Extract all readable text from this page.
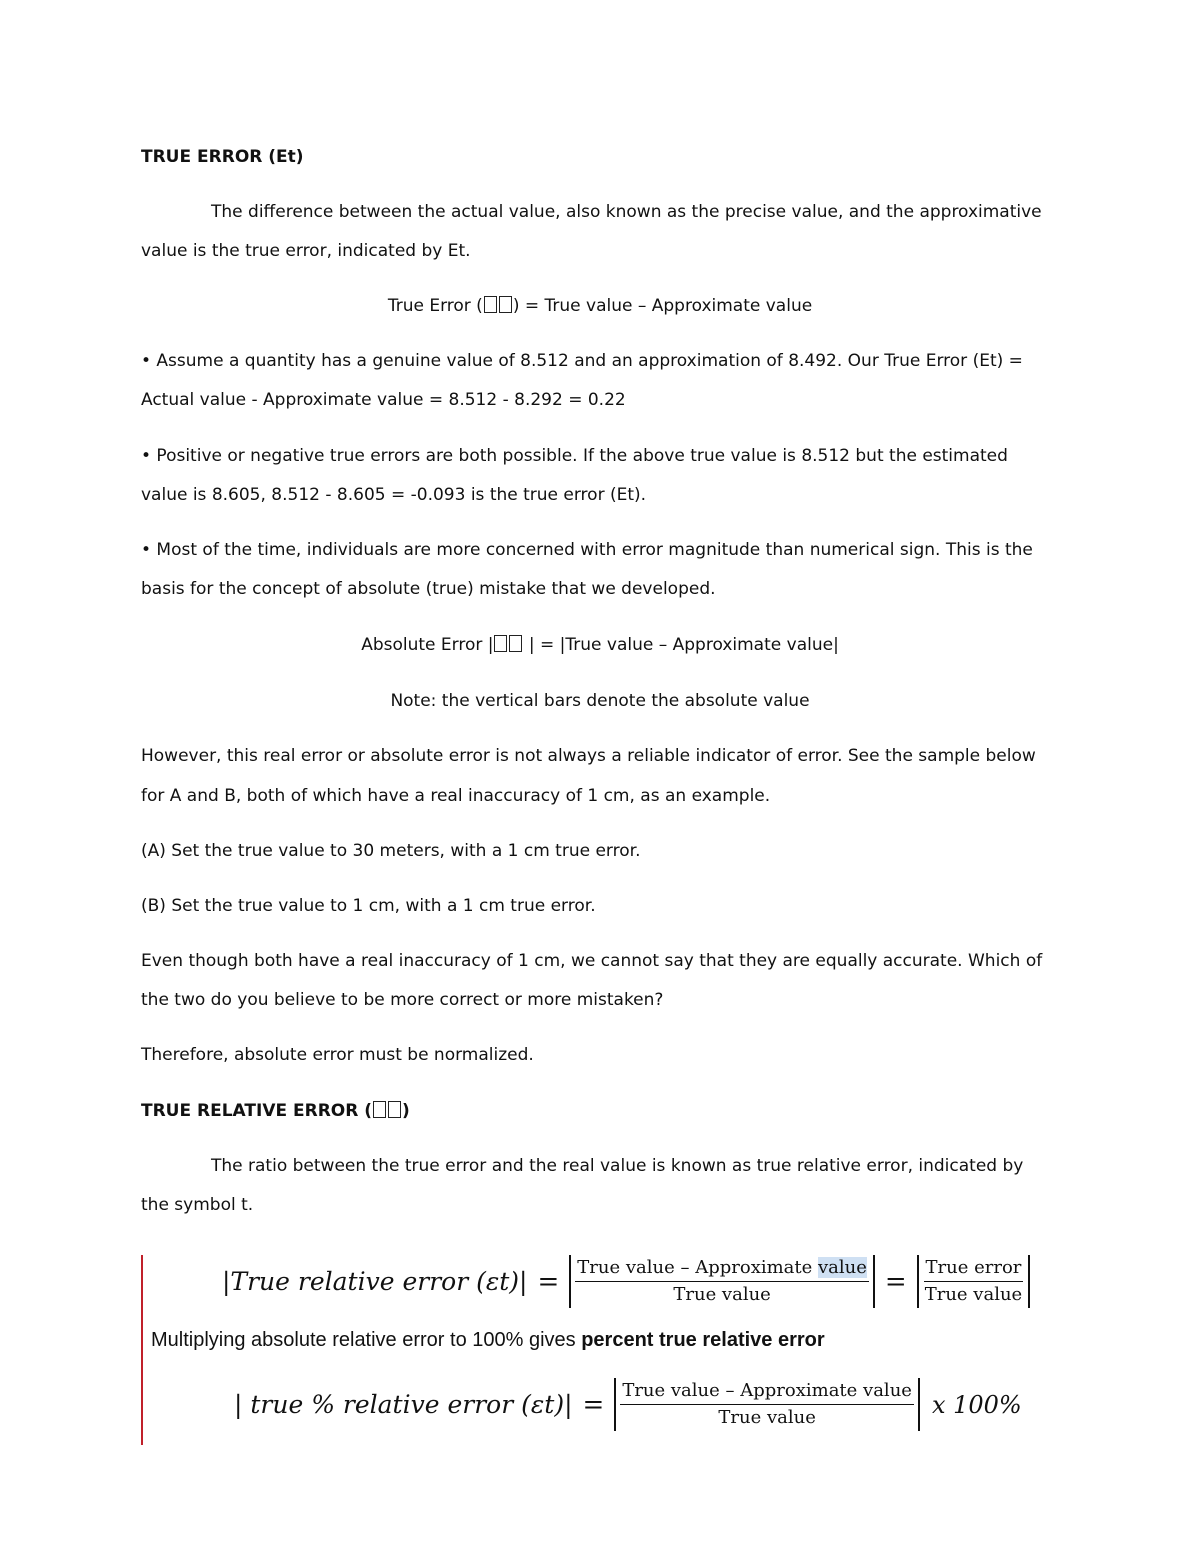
TRUE ERROR (Et)
The difference between the actual value, also known as the precise value, and the approximative
value is the true error, indicated by Et.
True Error ( ) = True value – Approximate value
• Assume a quantity has a genuine value of 8.512 and an approximation of 8.492. Our True Error (Et) =
Actual value - Approximate value = 8.512 - 8.292 = 0.22
• Positive or negative true errors are both possible. If the above true value is 8.512 but the estimated
value is 8.605, 8.512 - 8.605 = -0.093 is the true error (Et).
• Most of the time, individuals are more concerned with error magnitude than numerical sign. This is the
basis for the concept of absolute (true) mistake that we developed.
Absolute Error | | = |True value – Approximate value|
Note: the vertical bars denote the absolute value
However, this real error or absolute error is not always a reliable indicator of error. See the sample below
for A and B, both of which have a real inaccuracy of 1 cm, as an example.
(A) Set the true value to 30 meters, with a 1 cm true error.
(B) Set the true value to 1 cm, with a 1 cm true error.
Even though both have a real inaccuracy of 1 cm, we cannot say that they are equally accurate. Which of
the two do you believe to be more correct or more mistaken?
Therefore, absolute error must be normalized.
TRUE RELATIVE ERROR ( )
The ratio between the true error and the real value is known as true relative error, indicated by
the symbol t.
|True relative error $(\varepsilon t)| = \frac{\text{True value – Approximate value}}{\text{True value}} = \frac{\text{True error}}{\text{True value}}$
Multiplying absolute relative error to 100% gives percent true relative error
| true % relative error $(\varepsilon t)| = \frac{\text{True value – Approximate value}}{\text{True value}}$ x 100%
